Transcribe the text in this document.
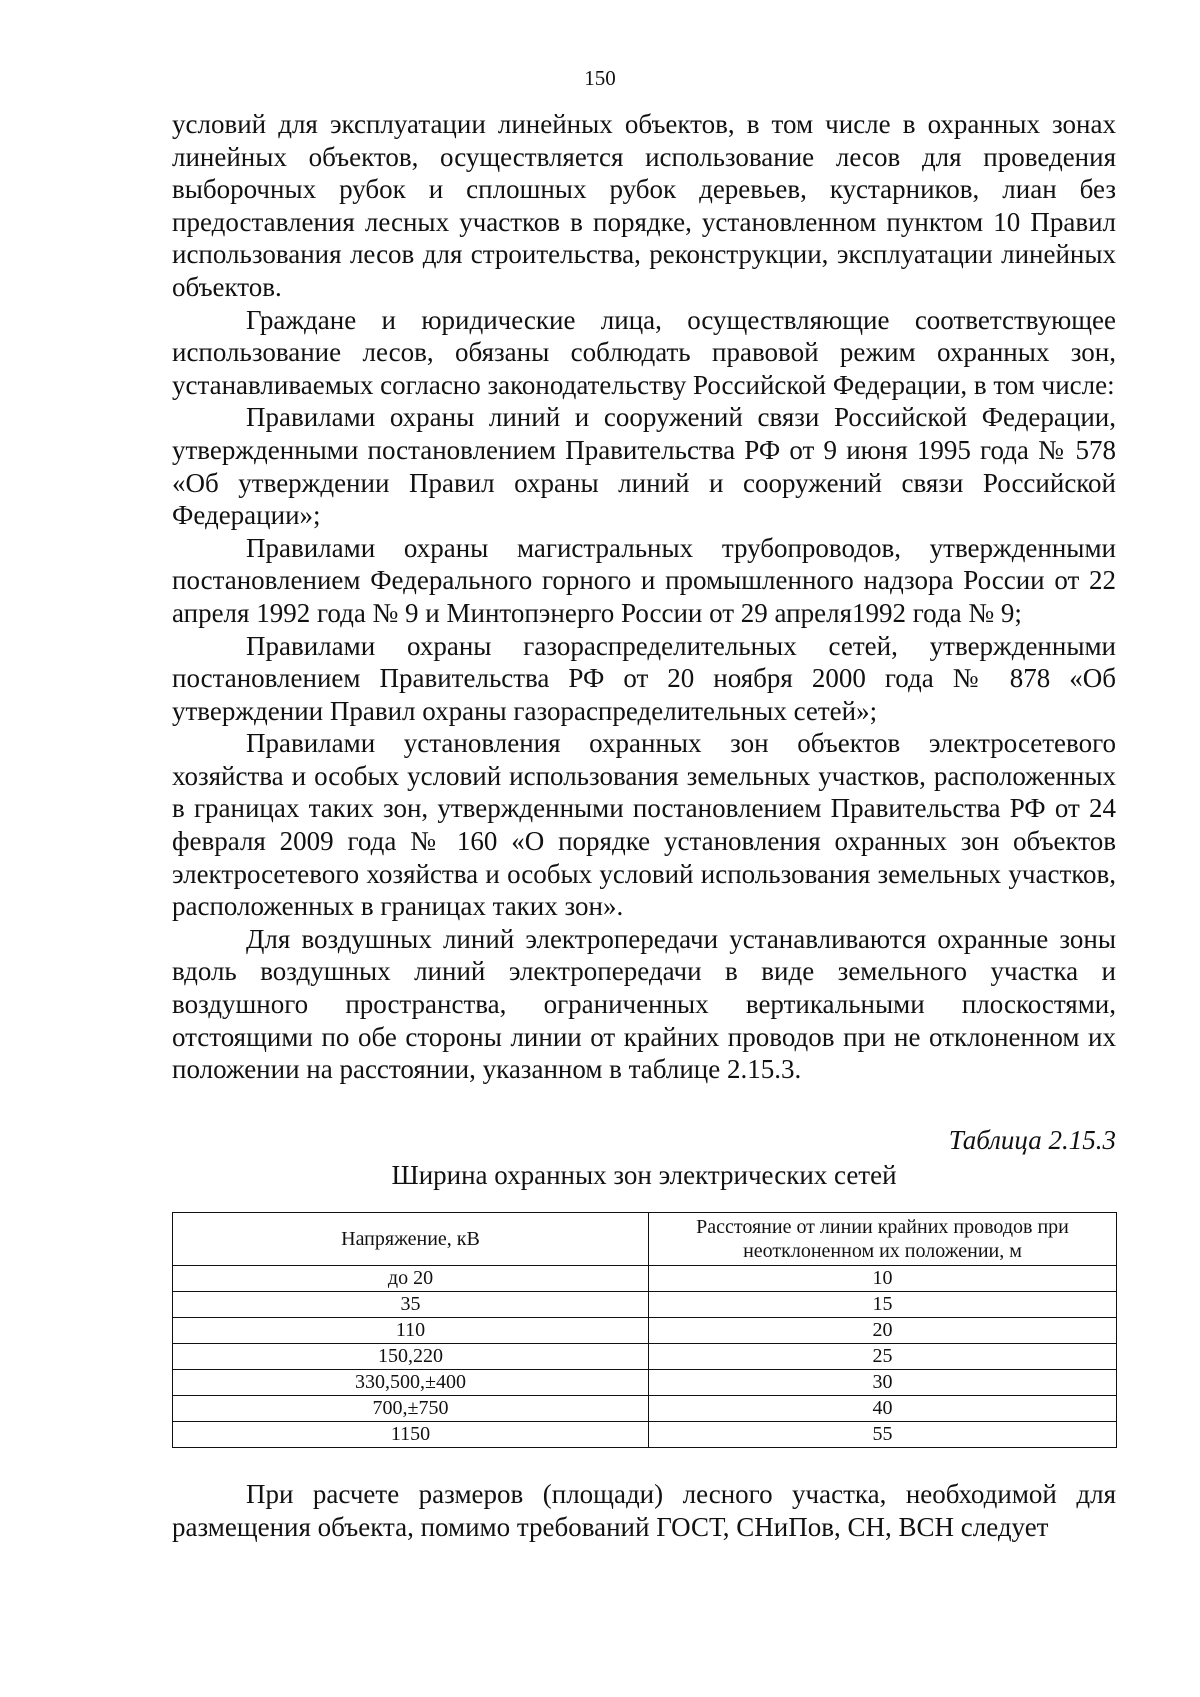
150

условий для эксплуатации линейных объектов, в том числе в охранных зонах линейных объектов, осуществляется использование лесов для проведения выборочных рубок и сплошных рубок деревьев, кустарников, лиан без предоставления лесных участков в порядке, установленном пунктом 10 Правил использования лесов для строительства, реконструкции, эксплуатации линейных объектов.

Граждане и юридические лица, осуществляющие соответствующее использование лесов, обязаны соблюдать правовой режим охранных зон, устанавливаемых согласно законодательству Российской Федерации, в том числе:

Правилами охраны линий и сооружений связи Российской Федерации, утвержденными постановлением Правительства РФ от 9 июня 1995 года № 578 «Об утверждении Правил охраны линий и сооружений связи Российской Федерации»;

Правилами охраны магистральных трубопроводов, утвержденными постановлением Федерального горного и промышленного надзора России от 22 апреля 1992 года № 9 и Минтопэнерго России от 29 апреля1992 года № 9;

Правилами охраны газораспределительных сетей, утвержденными постановлением Правительства РФ от 20 ноября 2000 года № 878 «Об утверждении Правил охраны газораспределительных сетей»;

Правилами установления охранных зон объектов электросетевого хозяйства и особых условий использования земельных участков, расположенных в границах таких зон, утвержденными постановлением Правительства РФ от 24 февраля 2009 года № 160 «О порядке установления охранных зон объектов электросетевого хозяйства и особых условий использования земельных участков, расположенных в границах таких зон».

Для воздушных линий электропередачи устанавливаются охранные зоны вдоль воздушных линий электропередачи в виде земельного участка и воздушного пространства, ограниченных вертикальными плоскостями, отстоящими по обе стороны линии от крайних проводов при не отклоненном их положении на расстоянии, указанном в таблице 2.15.3.

Таблица 2.15.3
Ширина охранных зон электрических сетей
Напряжение, кВ	Расстояние от линии крайних проводов при неотклоненном их положении, м
до 20	10
35	15
110	20
150,220	25
330,500,±400	30
700,±750	40
1150	55

При расчете размеров (площади) лесного участка, необходимой для размещения объекта, помимо требований ГОСТ, СНиПов, СН, ВСН следует
